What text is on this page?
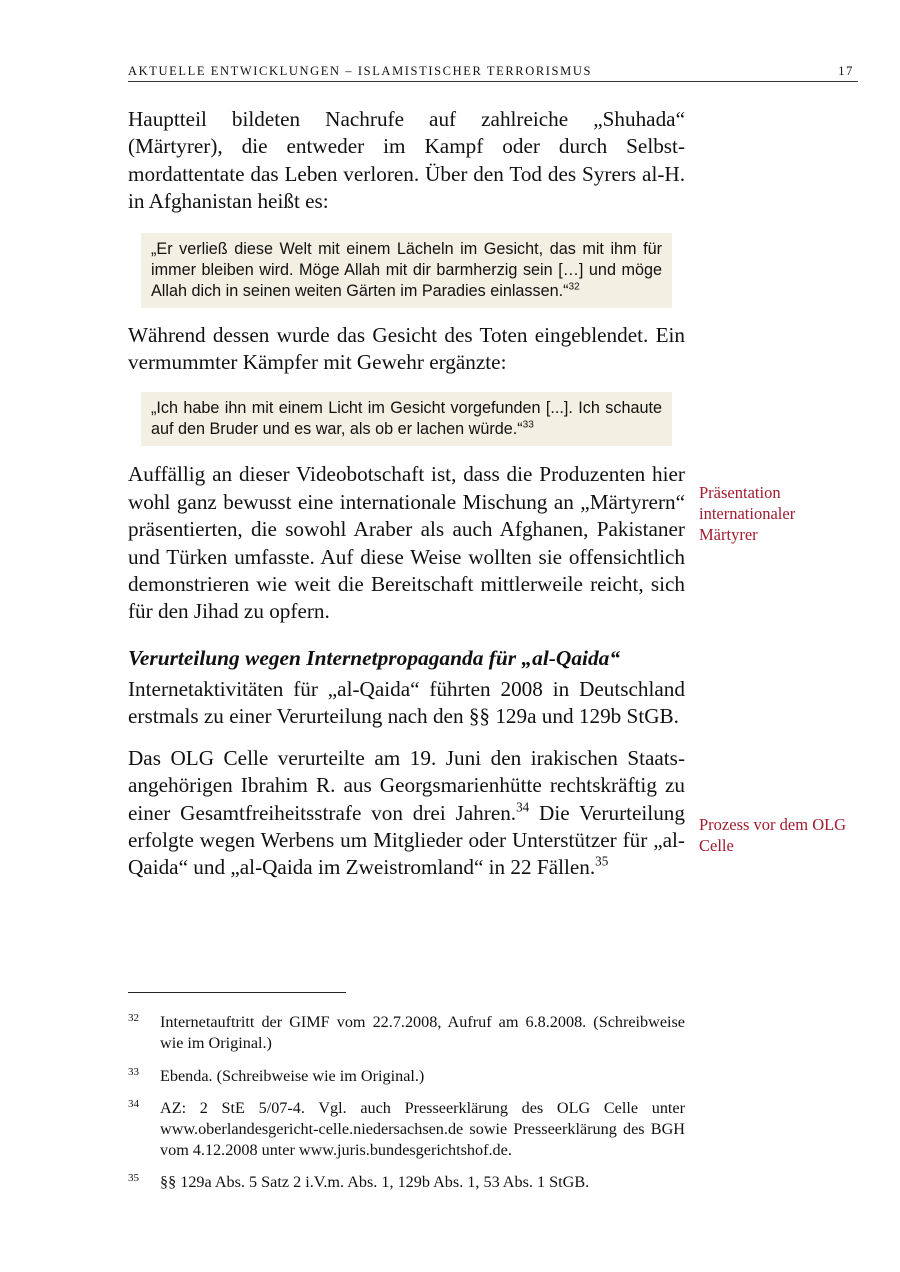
AKTUELLE ENTWICKLUNGEN – ISLAMISTISCHER TERRORISMUS	17

Hauptteil bildeten Nachrufe auf zahlreiche „Shuhada“ (Märtyrer), die entweder im Kampf oder durch Selbstmordattentate das Leben verloren. Über den Tod des Syrers al-H. in Afghanistan heißt es:

„Er verließ diese Welt mit einem Lächeln im Gesicht, das mit ihm für immer bleiben wird. Möge Allah mit dir barmherzig sein […] und möge Allah dich in seinen weiten Gärten im Paradies einlassen.“$^{32}$

Während dessen wurde das Gesicht des Toten eingeblendet. Ein vermummter Kämpfer mit Gewehr ergänzte:

„Ich habe ihn mit einem Licht im Gesicht vorgefunden [...]. Ich schaute auf den Bruder und es war, als ob er lachen würde.“$^{33}$

Auffällig an dieser Videobotschaft ist, dass die Produzenten hier wohl ganz bewusst eine internationale Mischung an „Märtyrern“ präsentierten, die sowohl Araber als auch Afghanen, Pakistaner und Türken umfasste. Auf diese Weise wollten sie offensichtlich demonstrieren wie weit die Bereitschaft mittlerweile reicht, sich für den Jihad zu opfern.

Verurteilung wegen Internetpropaganda für „al-Qaida“

Internetaktivitäten für „al-Qaida“ führten 2008 in Deutschland erstmals zu einer Verurteilung nach den §§ 129a und 129b StGB.

Das OLG Celle verurteilte am 19. Juni den irakischen Staatsangehörigen Ibrahim R. aus Georgsmarienhütte rechtskräftig zu einer Gesamtfreiheitsstrafe von drei Jahren.$^{34}$ Die Verurteilung erfolgte wegen Werbens um Mitglieder oder Unterstützer für „al-Qaida“ und „al-Qaida im Zweistromland“ in 22 Fällen.$^{35}$

Präsentation internationaler Märtyrer
Prozess vor dem OLG Celle
32 Internetauftritt der GIMF vom 22.7.2008, Aufruf am 6.8.2008. (Schreibweise wie im Original.)
33 Ebenda. (Schreibweise wie im Original.)
34 AZ: 2 StE 5/07-4. Vgl. auch Presseerklärung des OLG Celle unter www.oberlandesgericht-celle.niedersachsen.de sowie Presseerklärung des BGH vom 4.12.2008 unter www.juris.bundesgerichtshof.de.
35 §§ 129a Abs. 5 Satz 2 i.V.m. Abs. 1, 129b Abs. 1, 53 Abs. 1 StGB.
